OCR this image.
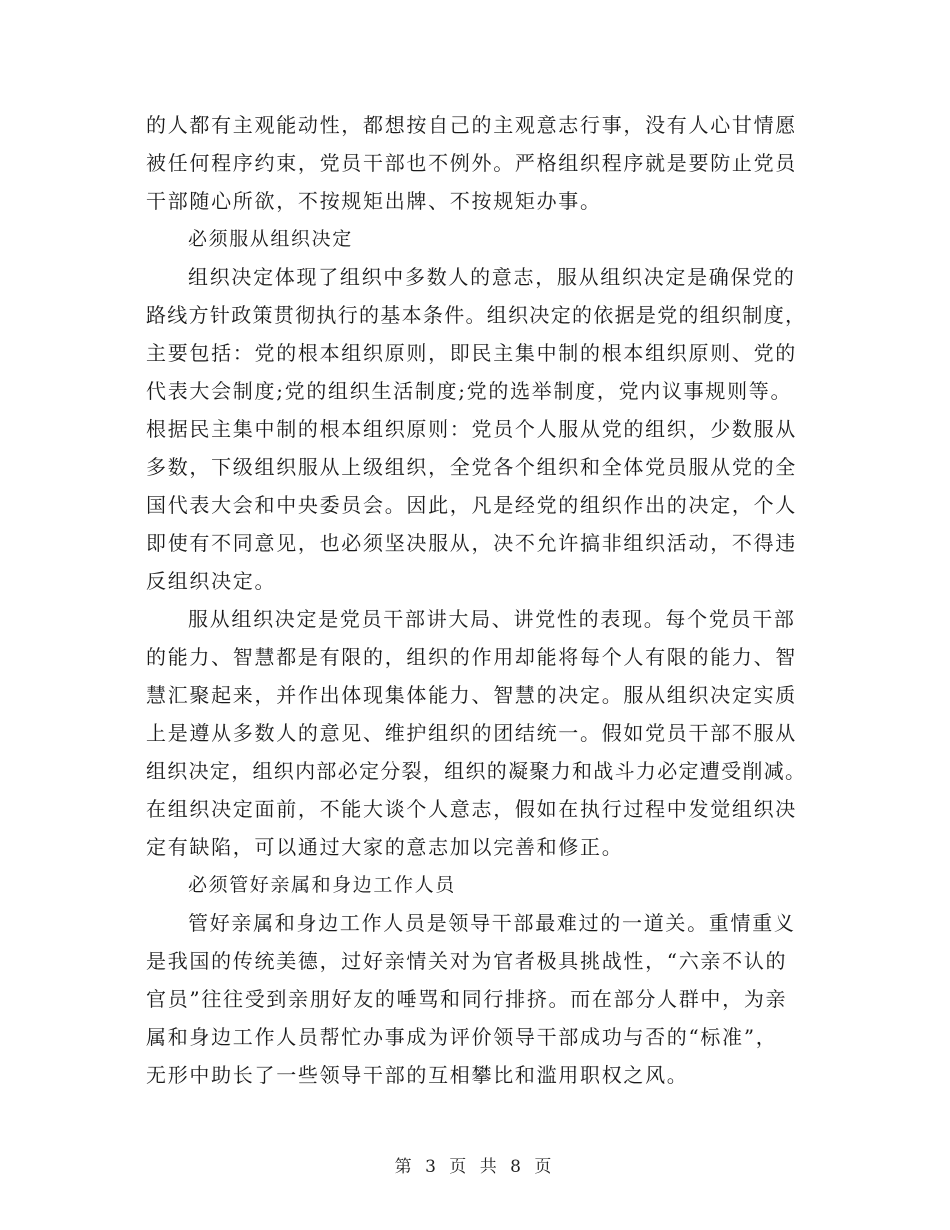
的人都有主观能动性，都想按自己的主观意志行事，没有人心甘情愿
被任何程序约束，党员干部也不例外。严格组织程序就是要防止党员
干部随心所欲，不按规矩出牌、不按规矩办事。
必须服从组织决定
组织决定体现了组织中多数人的意志，服从组织决定是确保党的
路线方针政策贯彻执行的基本条件。组织决定的依据是党的组织制度，
主要包括：党的根本组织原则，即民主集中制的根本组织原则、党的
代表大会制度;党的组织生活制度;党的选举制度，党内议事规则等。
根据民主集中制的根本组织原则：党员个人服从党的组织，少数服从
多数，下级组织服从上级组织，全党各个组织和全体党员服从党的全
国代表大会和中央委员会。因此，凡是经党的组织作出的决定，个人
即使有不同意见，也必须坚决服从，决不允许搞非组织活动，不得违
反组织决定。
服从组织决定是党员干部讲大局、讲党性的表现。每个党员干部
的能力、智慧都是有限的，组织的作用却能将每个人有限的能力、智
慧汇聚起来，并作出体现集体能力、智慧的决定。服从组织决定实质
上是遵从多数人的意见、维护组织的团结统一。假如党员干部不服从
组织决定，组织内部必定分裂，组织的凝聚力和战斗力必定遭受削减。
在组织决定面前，不能大谈个人意志，假如在执行过程中发觉组织决
定有缺陷，可以通过大家的意志加以完善和修正。
必须管好亲属和身边工作人员
管好亲属和身边工作人员是领导干部最难过的一道关。重情重义
是我国的传统美德，过好亲情关对为官者极具挑战性，“六亲不认的
官员”往往受到亲朋好友的唾骂和同行排挤。而在部分人群中，为亲
属和身边工作人员帮忙办事成为评价领导干部成功与否的“标准”，
无形中助长了一些领导干部的互相攀比和滥用职权之风。
第 3 页 共 8 页
